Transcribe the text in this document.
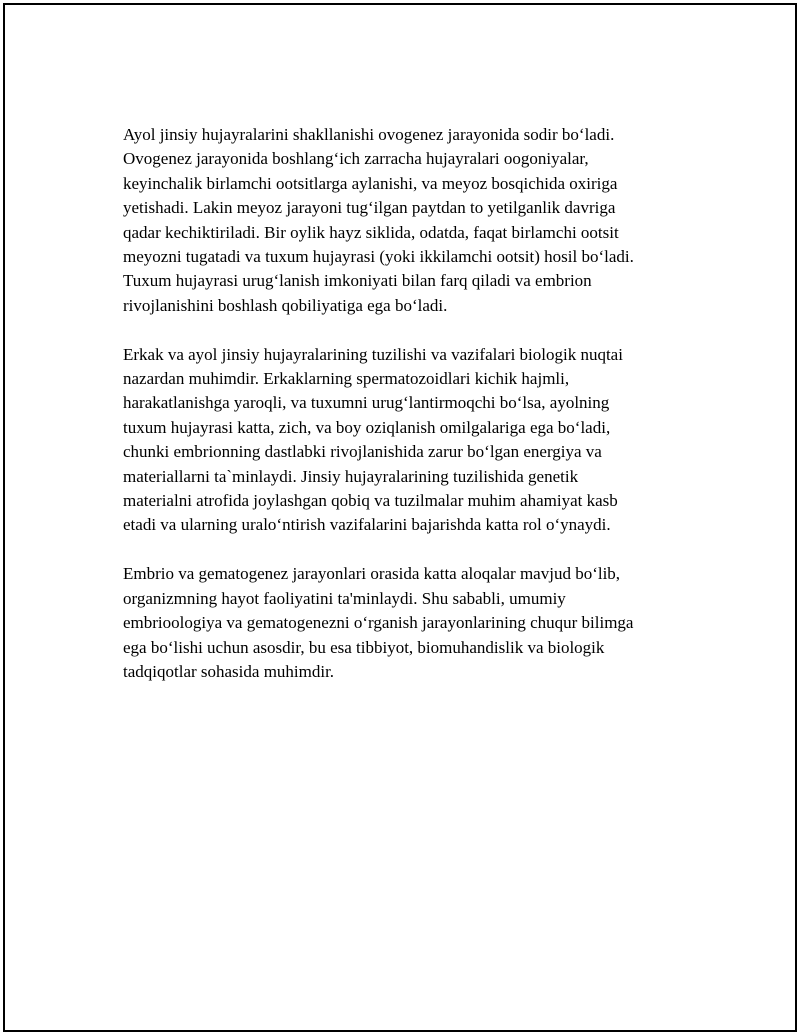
Ayol jinsiy hujayralarini shakllanishi ovogenez jarayonida sodir bo‘ladi.
Ovogenez jarayonida boshlang‘ich zarracha hujayralari oogoniyalar,
keyinchalik birlamchi ootsitlarga aylanishi, va meyoz bosqichida oxiriga
yetishadi. Lakin meyoz jarayoni tug‘ilgan paytdan to yetilganlik davriga
qadar kechiktiriladi. Bir oylik hayz siklida, odatda, faqat birlamchi ootsit
meyozni tugatadi va tuxum hujayrasi (yoki ikkilamchi ootsit) hosil bo‘ladi.
Tuxum hujayrasi urug‘lanish imkoniyati bilan farq qiladi va embrion
rivojlanishini boshlash qobiliyatiga ega bo‘ladi.

Erkak va ayol jinsiy hujayralarining tuzilishi va vazifalari biologik nuqtai
nazardan muhimdir. Erkaklarning spermatozoidlari kichik hajmli,
harakatlanishga yaroqli, va tuxumni urug‘lantirmoqchi bo‘lsa, ayolning
tuxum hujayrasi katta, zich, va boy oziqlanish omilgalariga ega bo‘ladi,
chunki embrionning dastlabki rivojlanishida zarur bo‘lgan energiya va
materiallarni ta`minlaydi. Jinsiy hujayralarining tuzilishida genetik
materialni atrofida joylashgan qobiq va tuzilmalar muhim ahamiyat kasb
etadi va ularning uralo‘ntirish vazifalarini bajarishda katta rol o‘ynaydi.

Embrio va gematogenez jarayonlari orasida katta aloqalar mavjud bo‘lib,
organizmning hayot faoliyatini ta'minlaydi. Shu sababli, umumiy
embrioologiya va gematogenezni o‘rganish jarayonlarining chuqur bilimga
ega bo‘lishi uchun asosdir, bu esa tibbiyot, biomuhandislik va biologik
tadqiqotlar sohasida muhimdir.
